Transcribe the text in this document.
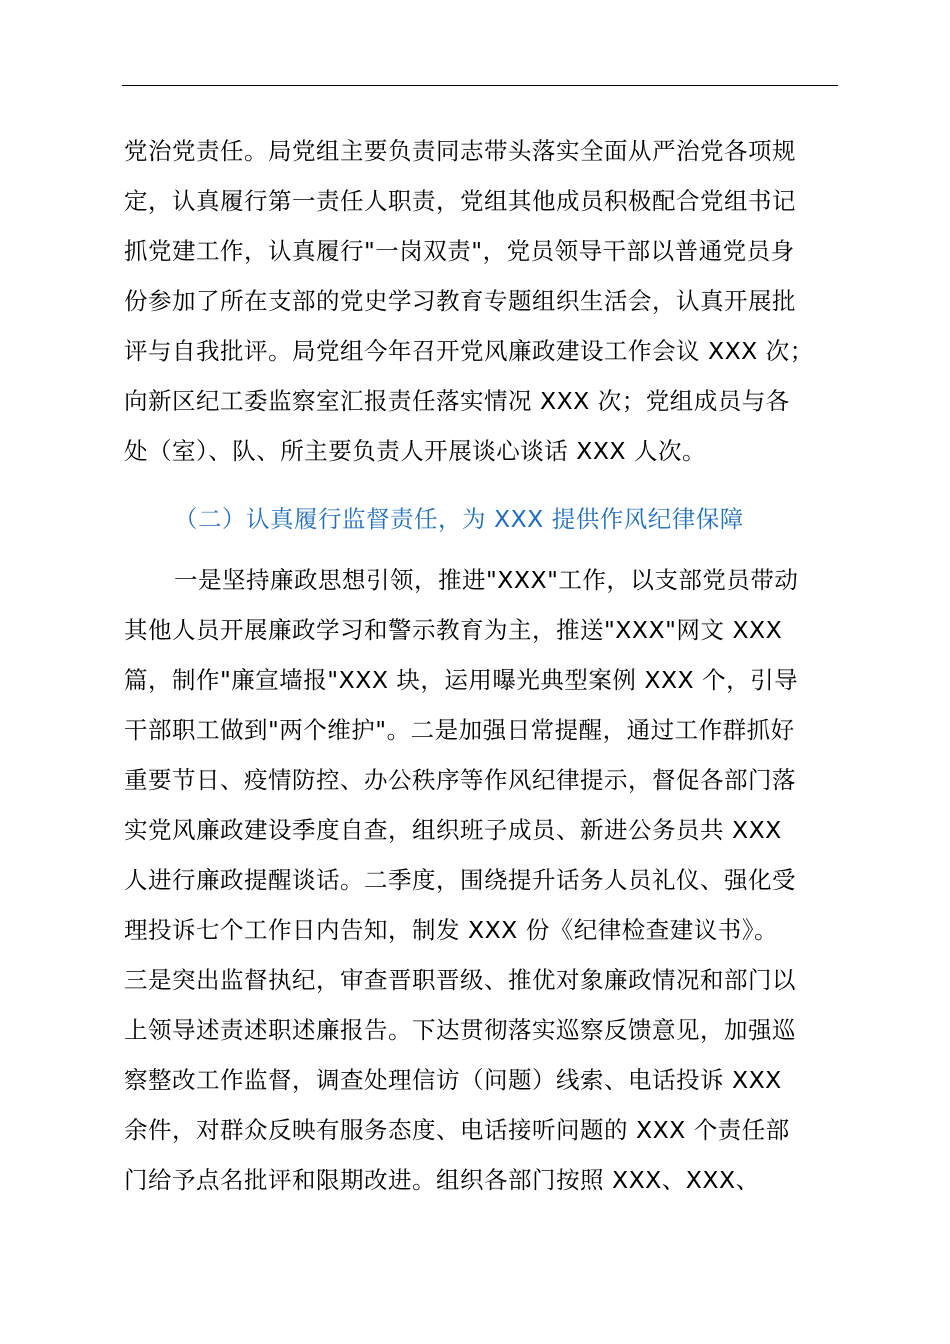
党治党责任。局党组主要负责同志带头落实全面从严治党各项规
定，认真履行第一责任人职责，党组其他成员积极配合党组书记
抓党建工作，认真履行"一岗双责"，党员领导干部以普通党员身
份参加了所在支部的党史学习教育专题组织生活会，认真开展批
评与自我批评。局党组今年召开党风廉政建设工作会议 XXX 次；
向新区纪工委监察室汇报责任落实情况 XXX 次；党组成员与各
处（室）、队、所主要负责人开展谈心谈话 XXX 人次。
（二）认真履行监督责任，为 XXX 提供作风纪律保障
一是坚持廉政思想引领，推进"XXX"工作，以支部党员带动
其他人员开展廉政学习和警示教育为主，推送"XXX"网文 XXX
篇，制作"廉宣墙报"XXX 块，运用曝光典型案例 XXX 个，引导
干部职工做到"两个维护"。二是加强日常提醒，通过工作群抓好
重要节日、疫情防控、办公秩序等作风纪律提示，督促各部门落
实党风廉政建设季度自查，组织班子成员、新进公务员共 XXX
人进行廉政提醒谈话。二季度，围绕提升话务人员礼仪、强化受
理投诉七个工作日内告知，制发 XXX 份《纪律检查建议书》。
三是突出监督执纪，审查晋职晋级、推优对象廉政情况和部门以
上领导述责述职述廉报告。下达贯彻落实巡察反馈意见，加强巡
察整改工作监督，调查处理信访（问题）线索、电话投诉 XXX
余件，对群众反映有服务态度、电话接听问题的 XXX 个责任部
门给予点名批评和限期改进。组织各部门按照 XXX、XXX、
